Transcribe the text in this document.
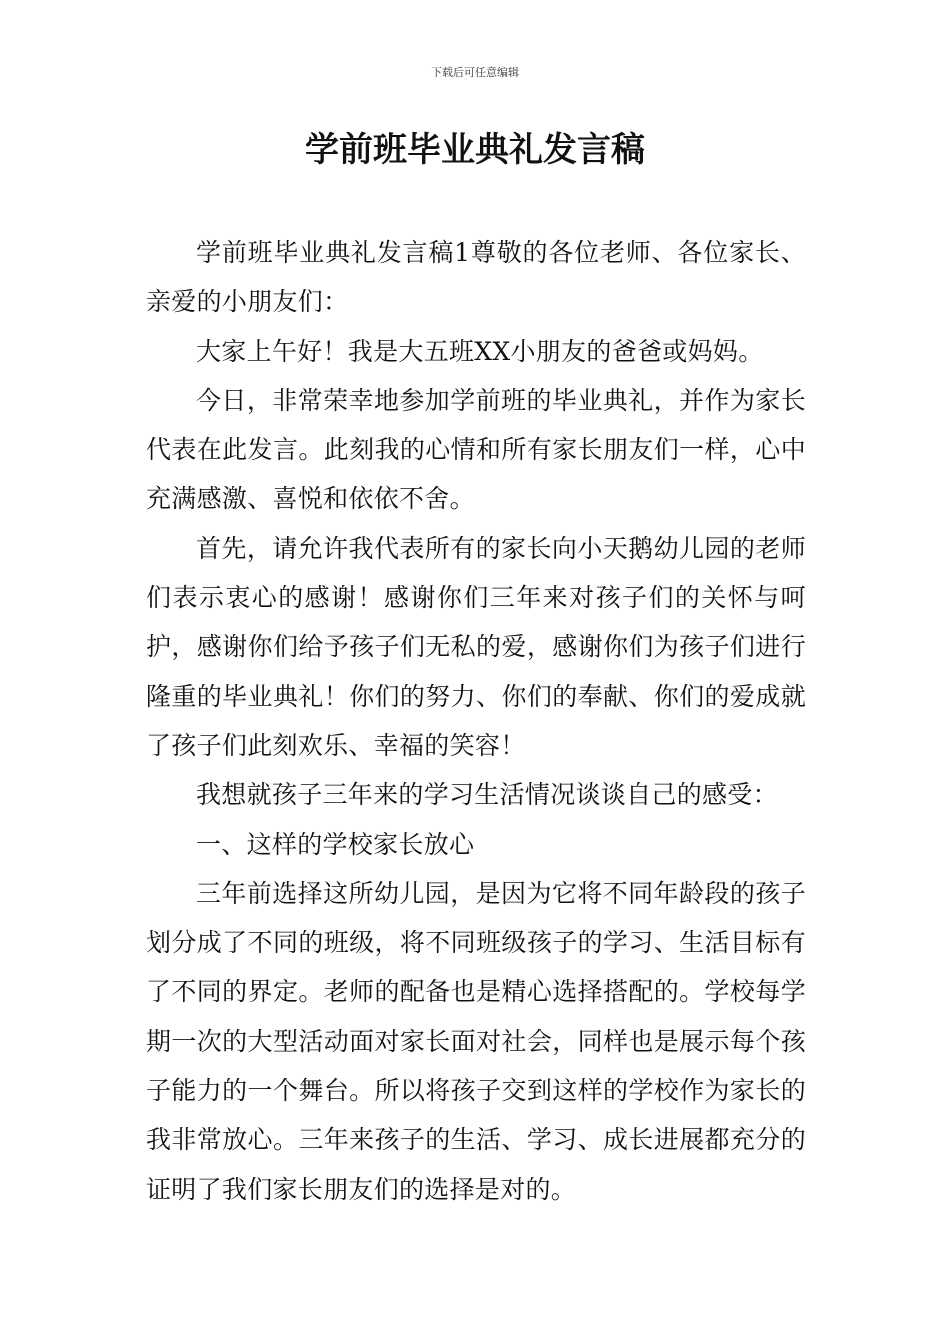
下载后可任意编辑
学前班毕业典礼发言稿

学前班毕业典礼发言稿1尊敬的各位老师、各位家长、亲爱的小朋友们：

大家上午好！我是大五班XX小朋友的爸爸或妈妈。

今日，非常荣幸地参加学前班的毕业典礼，并作为家长代表在此发言。此刻我的心情和所有家长朋友们一样，心中充满感激、喜悦和依依不舍。

首先，请允许我代表所有的家长向小天鹅幼儿园的老师们表示衷心的感谢！感谢你们三年来对孩子们的关怀与呵护，感谢你们给予孩子们无私的爱，感谢你们为孩子们进行隆重的毕业典礼！你们的努力、你们的奉献、你们的爱成就了孩子们此刻欢乐、幸福的笑容！

我想就孩子三年来的学习生活情况谈谈自己的感受：

一、这样的学校家长放心

三年前选择这所幼儿园，是因为它将不同年龄段的孩子划分成了不同的班级，将不同班级孩子的学习、生活目标有了不同的界定。老师的配备也是精心选择搭配的。学校每学期一次的大型活动面对家长面对社会，同样也是展示每个孩子能力的一个舞台。所以将孩子交到这样的学校作为家长的我非常放心。三年来孩子的生活、学习、成长进展都充分的证明了我们家长朋友们的选择是对的。
